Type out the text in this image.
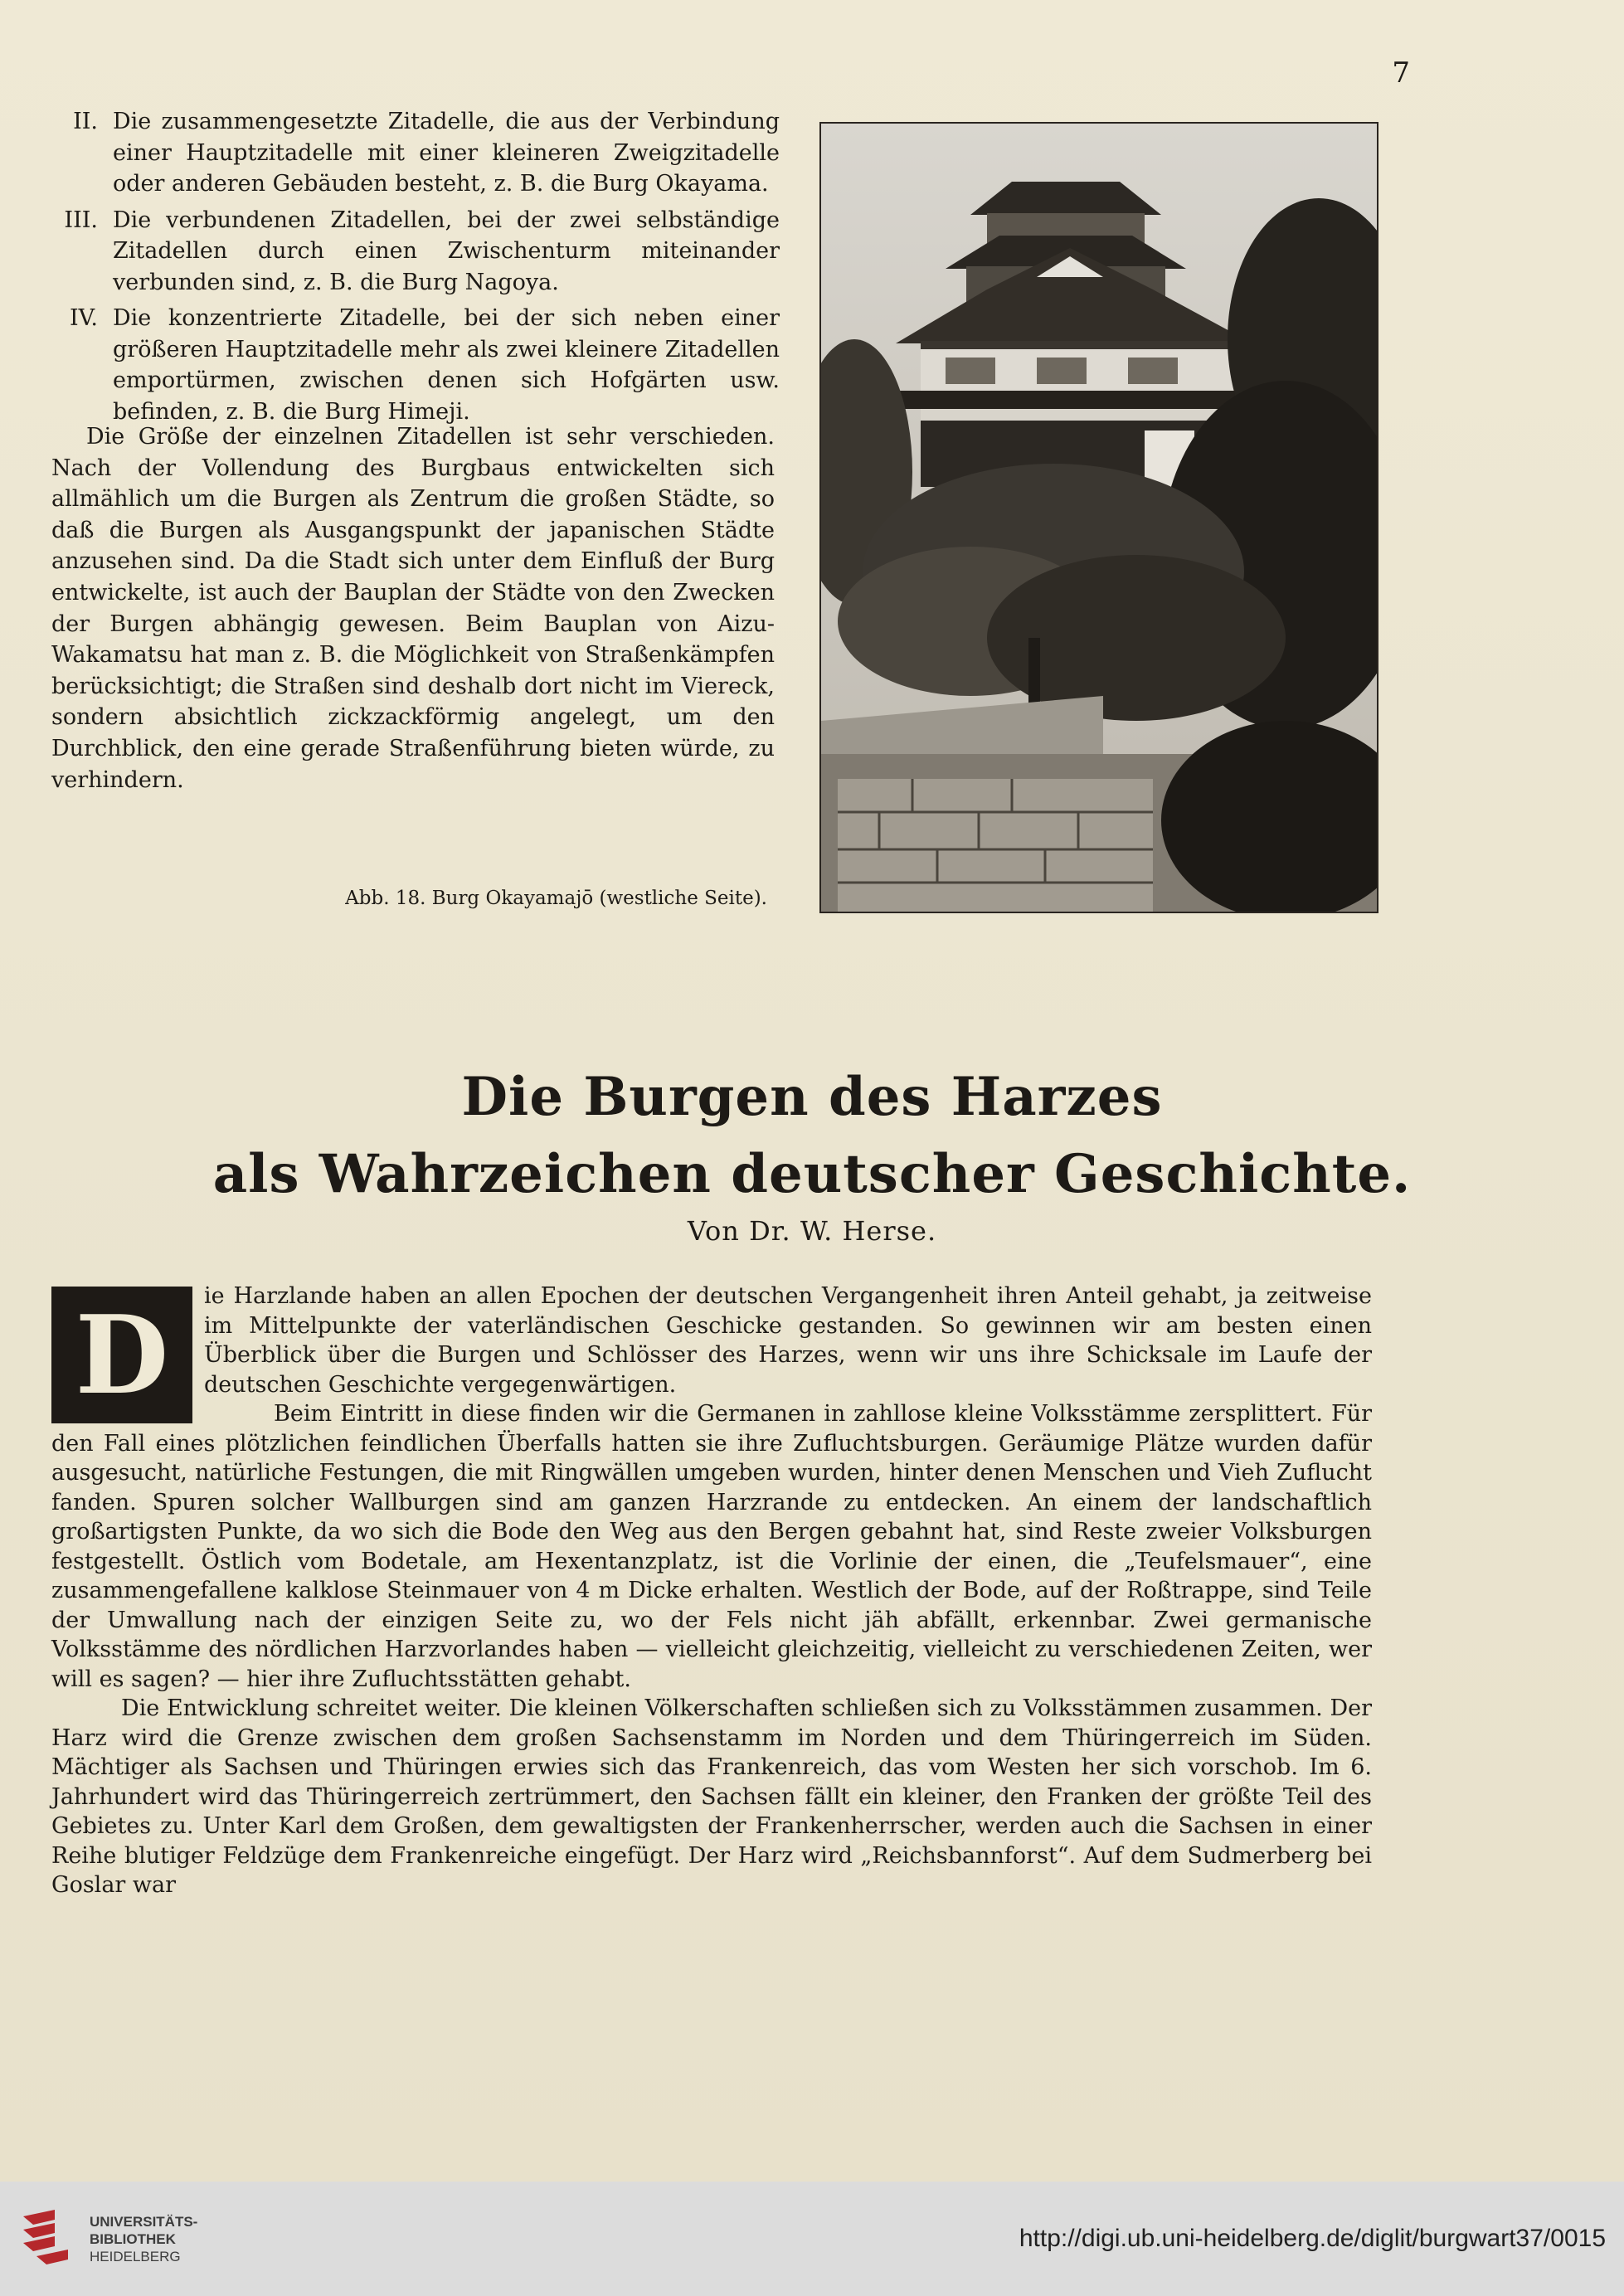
7
II. Die zusammengesetzte Zitadelle, die aus der Verbindung einer Hauptzitadelle mit einer kleineren Zweigzitadelle oder anderen Gebäuden besteht, z. B. die Burg Okayama.
III. Die verbundenen Zitadellen, bei der zwei selbständige Zitadellen durch einen Zwischenturm miteinander verbunden sind, z. B. die Burg Nagoya.
IV. Die konzentrierte Zitadelle, bei der sich neben einer größeren Hauptzitadelle mehr als zwei kleinere Zitadellen emportürmen, zwischen denen sich Hofgärten usw. befinden, z. B. die Burg Himeji.

Die Größe der einzelnen Zitadellen ist sehr verschieden. Nach der Vollendung des Burgbaus entwickelten sich allmählich um die Burgen als Zentrum die großen Städte, so daß die Burgen als Ausgangspunkt der japanischen Städte anzusehen sind. Da die Stadt sich unter dem Einfluß der Burg entwickelte, ist auch der Bauplan der Städte von den Zwecken der Burgen abhängig gewesen. Beim Bauplan von Aizu-Wakamatsu hat man z. B. die Möglichkeit von Straßenkämpfen berücksichtigt; die Straßen sind deshalb dort nicht im Viereck, sondern absichtlich zickzackförmig angelegt, um den Durchblick, den eine gerade Straßenführung bieten würde, zu verhindern.

Abb. 18. Burg Okayamajō (westliche Seite).
Die Burgen des Harzes
als Wahrzeichen deutscher Geschichte.
Von Dr. W. Herse.

D	ie Harzlande haben an allen Epochen der deutschen Vergangenheit ihren Anteil gehabt, ja zeitweise im Mittelpunkte der vaterländischen Geschicke gestanden. So gewinnen wir am besten einen Überblick über die Burgen und Schlösser des Harzes, wenn wir uns ihre Schicksale im Laufe der deutschen Geschichte vergegenwärtigen.

Beim Eintritt in diese finden wir die Germanen in zahllose kleine Volksstämme zersplittert. Für den Fall eines plötzlichen feindlichen Überfalls hatten sie ihre Zufluchtsburgen. Geräumige Plätze wurden dafür ausgesucht, natürliche Festungen, die mit Ringwällen umgeben wurden, hinter denen Menschen und Vieh Zuflucht fanden. Spuren solcher Wallburgen sind am ganzen Harzrande zu entdecken. An einem der landschaftlich großartigsten Punkte, da wo sich die Bode den Weg aus den Bergen gebahnt hat, sind Reste zweier Volksburgen festgestellt. Östlich vom Bodetale, am Hexentanzplatz, ist die Vorlinie der einen, die „Teufelsmauer“, eine zusammengefallene kalklose Steinmauer von 4 m Dicke erhalten. Westlich der Bode, auf der Roßtrappe, sind Teile der Umwallung nach der einzigen Seite zu, wo der Fels nicht jäh abfällt, erkennbar. Zwei germanische Volksstämme des nördlichen Harzvorlandes haben — vielleicht gleichzeitig, vielleicht zu verschiedenen Zeiten, wer will es sagen? — hier ihre Zufluchtsstätten gehabt.

Die Entwicklung schreitet weiter. Die kleinen Völkerschaften schließen sich zu Volksstämmen zusammen. Der Harz wird die Grenze zwischen dem großen Sachsenstamm im Norden und dem Thüringerreich im Süden. Mächtiger als Sachsen und Thüringen erwies sich das Frankenreich, das vom Westen her sich vorschob. Im 6. Jahrhundert wird das Thüringerreich zertrümmert, den Sachsen fällt ein kleiner, den Franken der größte Teil des Gebietes zu. Unter Karl dem Großen, dem gewaltigsten der Frankenherrscher, werden auch die Sachsen in einer Reihe blutiger Feldzüge dem Frankenreiche eingefügt. Der Harz wird „Reichsbannforst“. Auf dem Sudmerberg bei Goslar war

UNIVERSITÄTS-
BIBLIOTHEK
HEIDELBERG
http://digi.ub.uni-heidelberg.de/diglit/burgwart37/0015
